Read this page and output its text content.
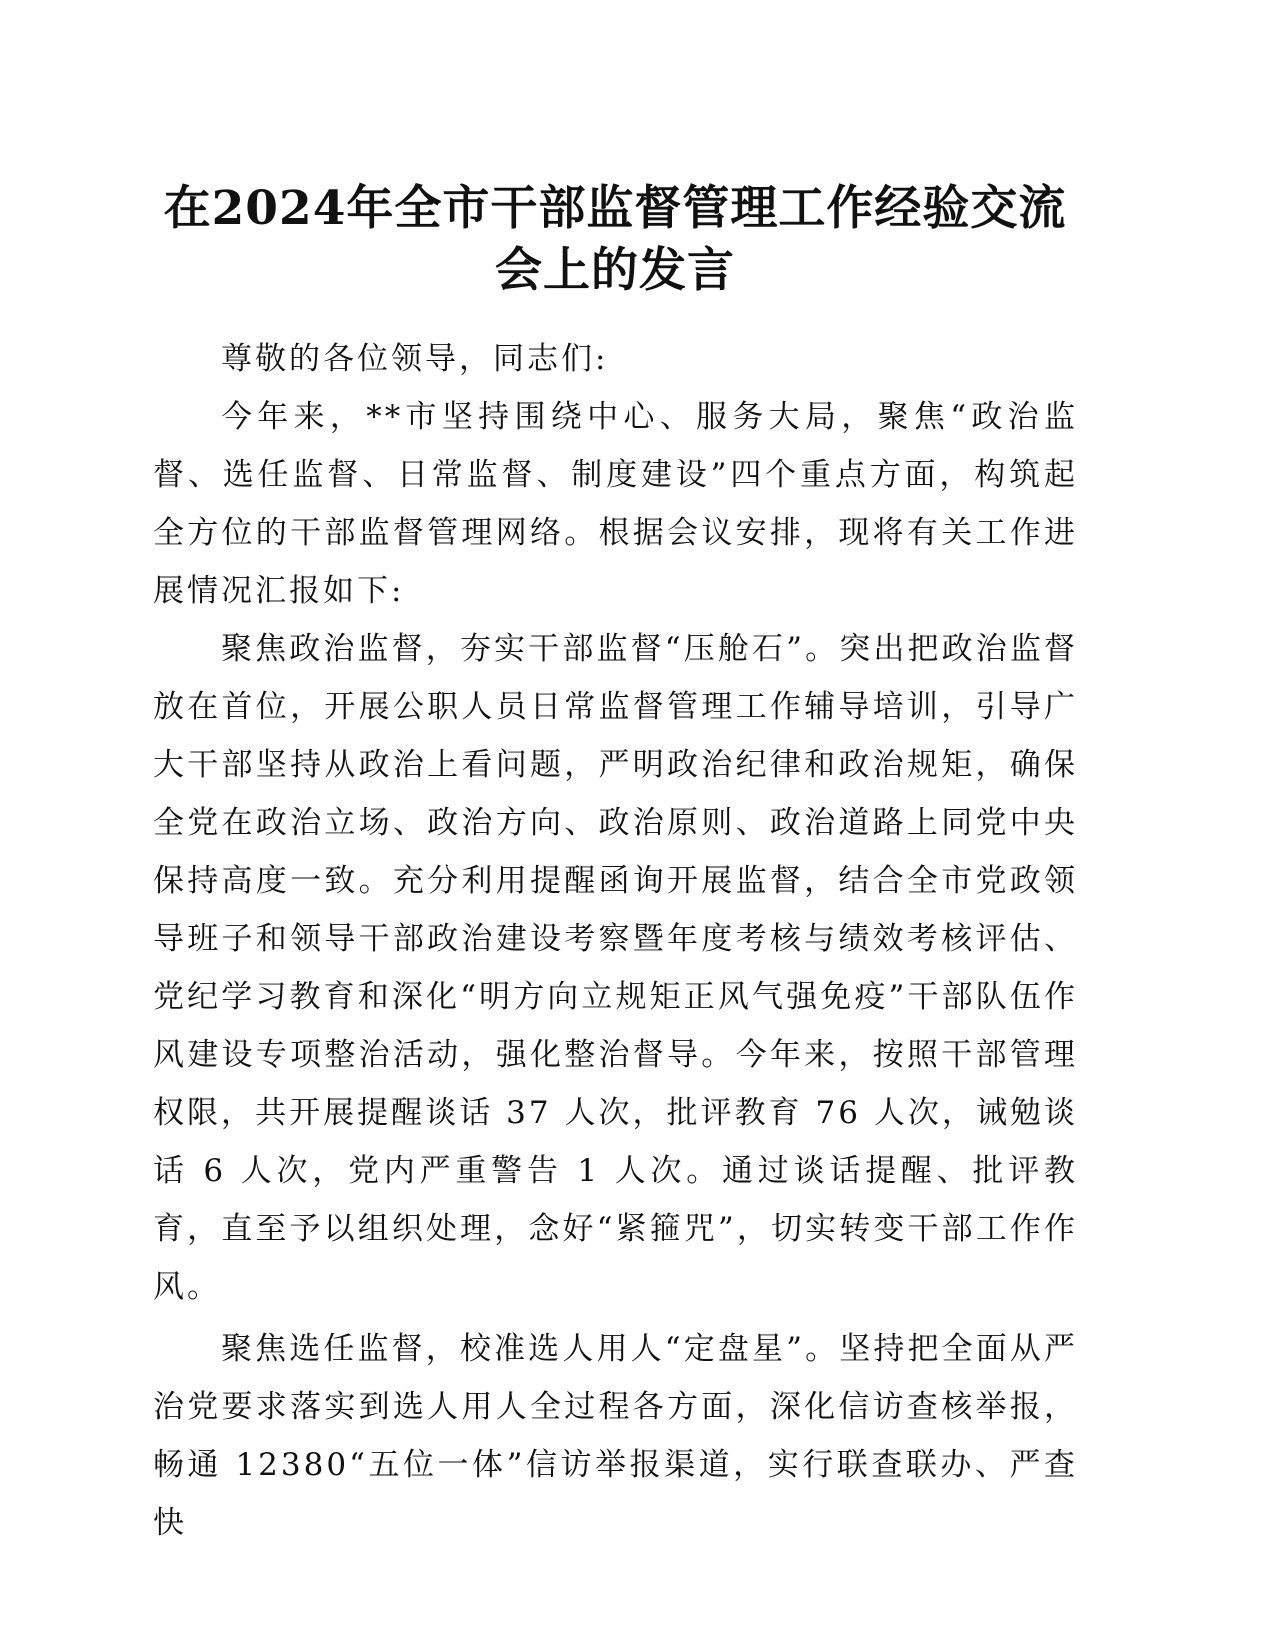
在2024年全市干部监督管理工作经验交流会上的发言

尊敬的各位领导，同志们:

今年来，**市坚持围绕中心、服务大局，聚焦“政治监督、选任监督、日常监督、制度建设”四个重点方面，构筑起全方位的干部监督管理网络。根据会议安排，现将有关工作进展情况汇报如下:

聚焦政治监督，夯实干部监督“压舱石”。突出把政治监督放在首位，开展公职人员日常监督管理工作辅导培训，引导广大干部坚持从政治上看问题，严明政治纪律和政治规矩，确保全党在政治立场、政治方向、政治原则、政治道路上同党中央保持高度一致。充分利用提醒函询开展监督，结合全市党政领导班子和领导干部政治建设考察暨年度考核与绩效考核评估、党纪学习教育和深化“明方向立规矩正风气强免疫”干部队伍作风建设专项整治活动，强化整治督导。今年来，按照干部管理权限，共开展提醒谈话 37 人次，批评教育 76 人次，诫勉谈话 6 人次，党内严重警告 1 人次。通过谈话提醒、批评教育，直至予以组织处理，念好“紧箍咒”，切实转变干部工作作风。

聚焦选任监督，校准选人用人“定盘星”。坚持把全面从严治党要求落实到选人用人全过程各方面，深化信访查核举报，畅通 12380“五位一体”信访举报渠道，实行联查联办、严查快
